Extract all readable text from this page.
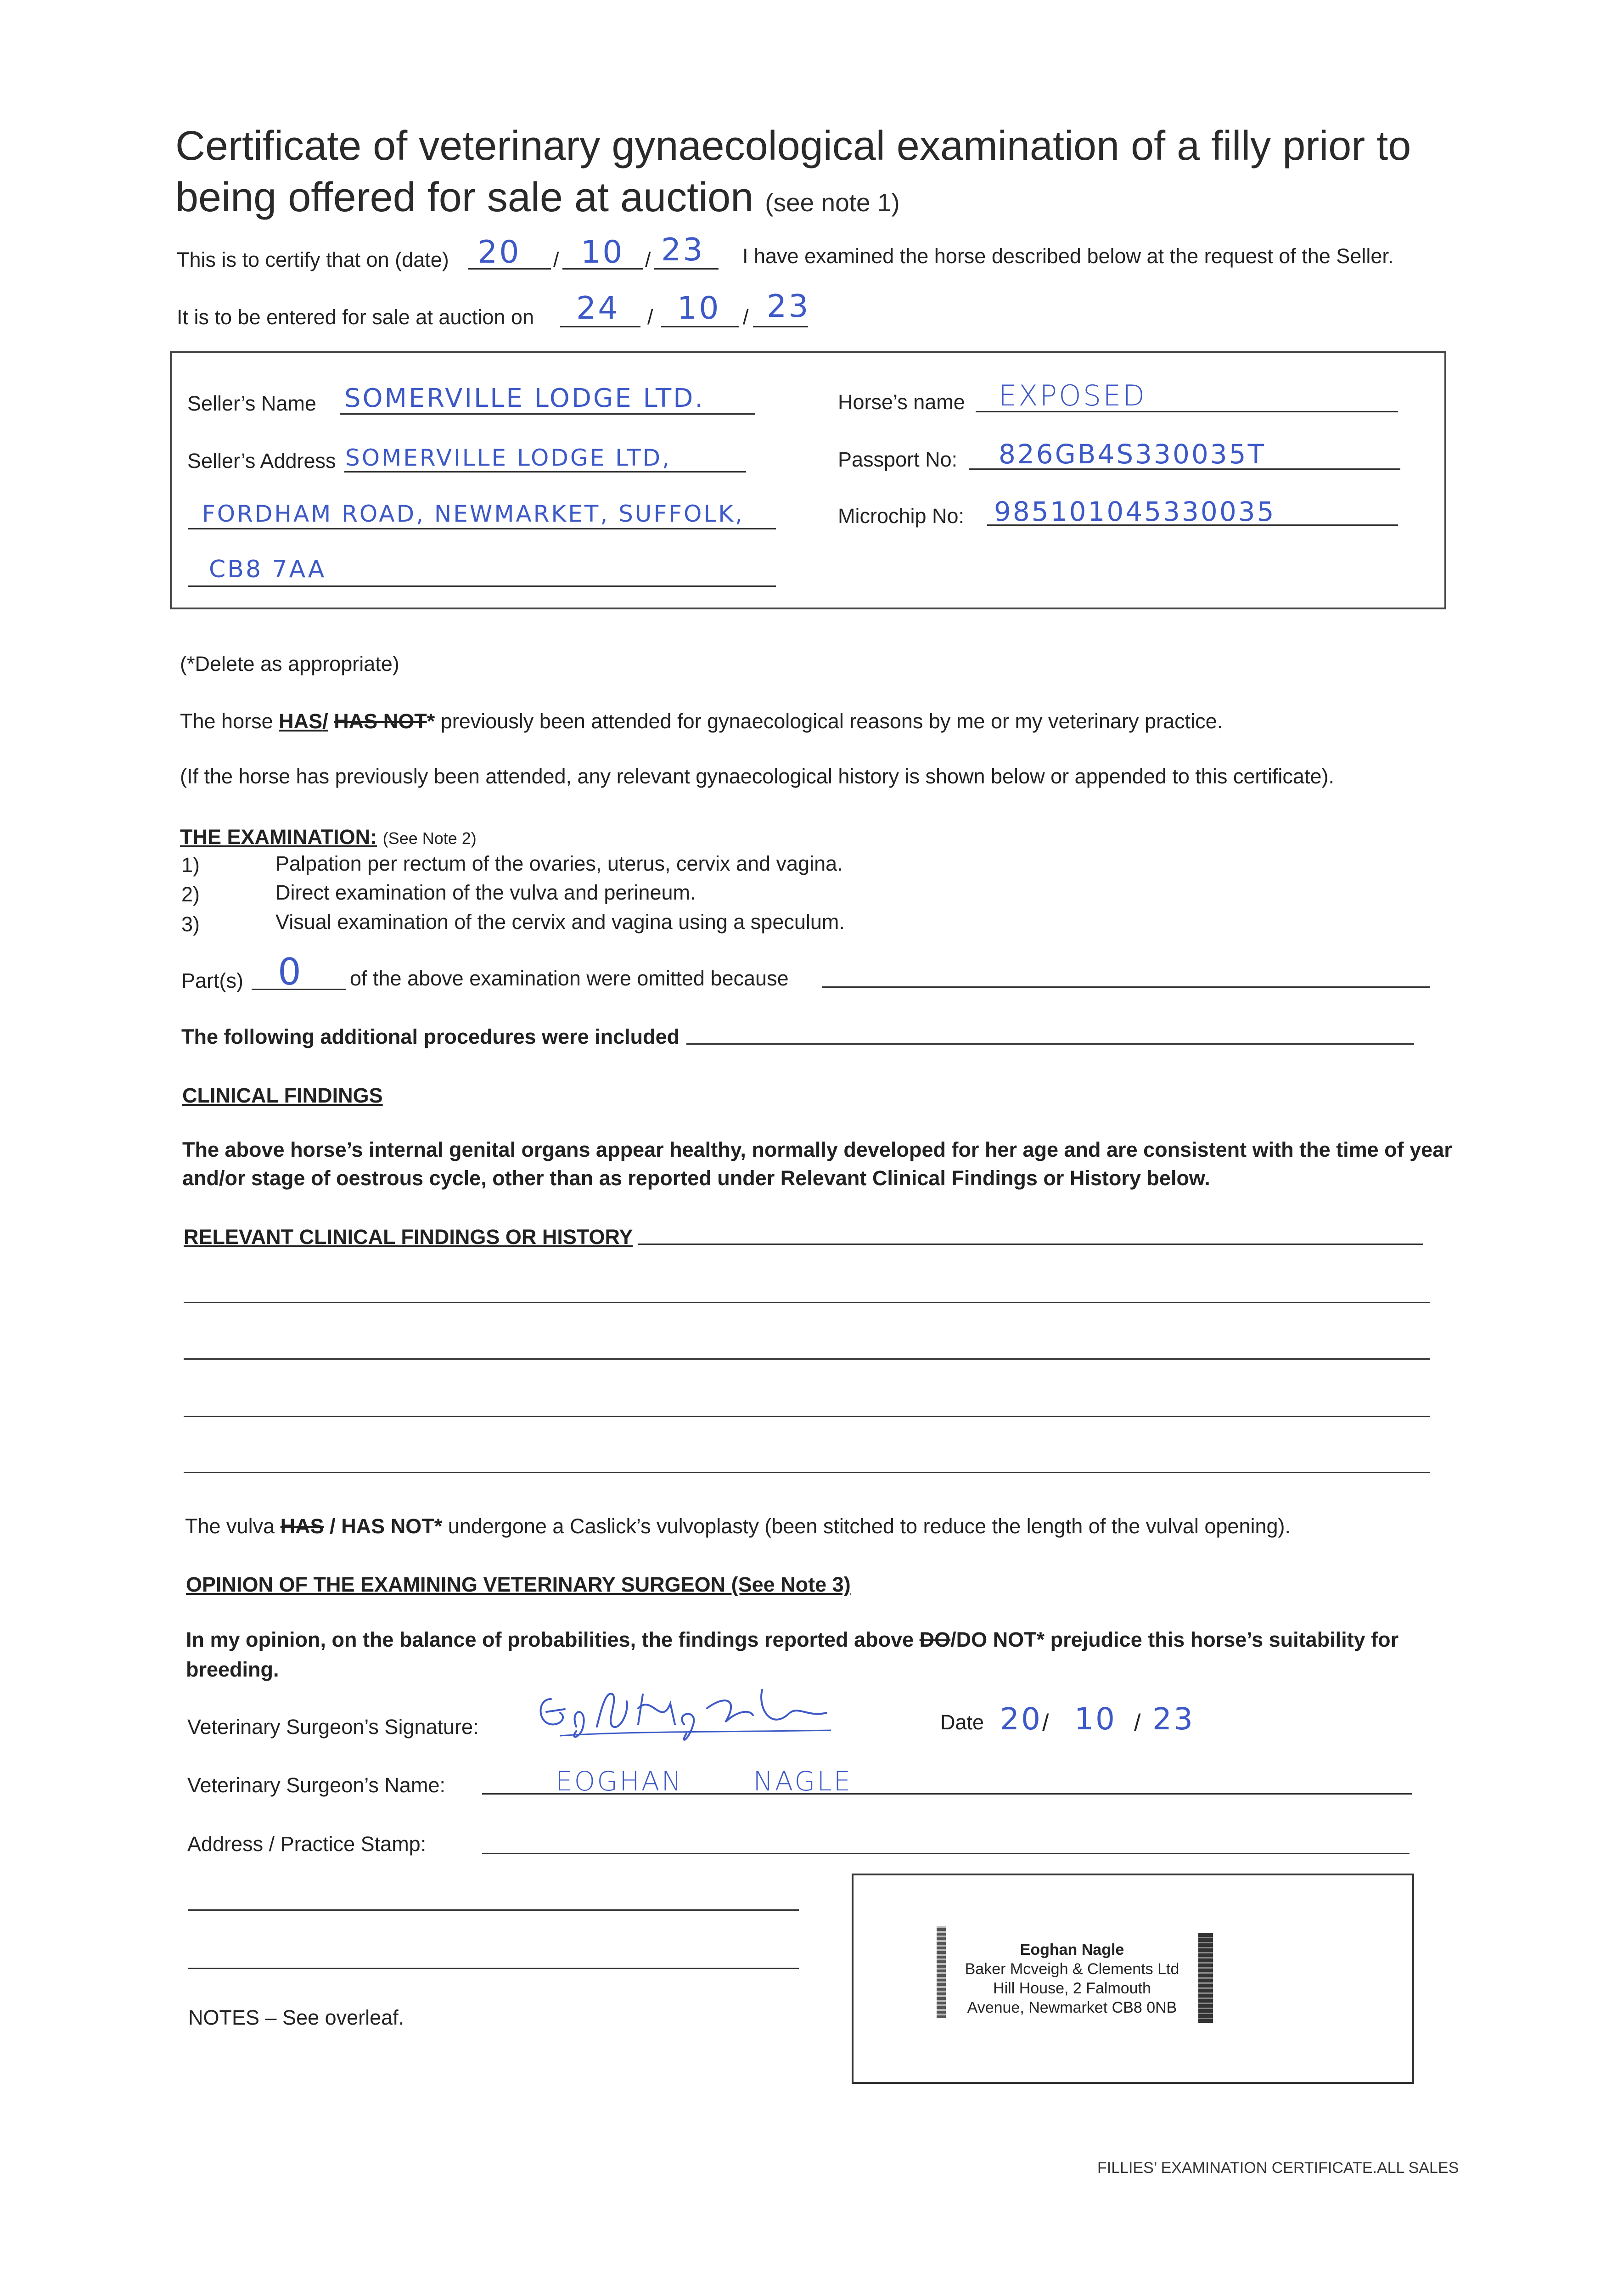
Certificate of veterinary gynaecological examination of a filly prior to
being offered for sale at auction (see note 1)
This is to certify that on (date) 20 / 10 / 23 I have examined the horse described below at the request of the Seller.
It is to be entered for sale at auction on 24 / 10 / 23
Seller’s Name SOMERVILLE LODGE LTD.
Seller’s Address SOMERVILLE LODGE LTD,
FORDHAM ROAD, NEWMARKET, SUFFOLK,
CB8 7AA
Horse’s name EXPOSED
Passport No: 826GB4S330035T
Microchip No: 985101045330035
(*Delete as appropriate)
The horse HAS/ HAS NOT* previously been attended for gynaecological reasons by me or my veterinary practice.
(If the horse has previously been attended, any relevant gynaecological history is shown below or appended to this certificate).
THE EXAMINATION: (See Note 2)
1)	Palpation per rectum of the ovaries, uterus, cervix and vagina.
2)	Direct examination of the vulva and perineum.
3)	Visual examination of the cervix and vagina using a speculum.
Part(s) 0 of the above examination were omitted because
The following additional procedures were included
CLINICAL FINDINGS
The above horse’s internal genital organs appear healthy, normally developed for her age and are consistent with the time of year
and/or stage of oestrous cycle, other than as reported under Relevant Clinical Findings or History below.
RELEVANT CLINICAL FINDINGS OR HISTORY
The vulva HAS / HAS NOT* undergone a Caslick’s vulvoplasty (been stitched to reduce the length of the vulval opening).
OPINION OF THE EXAMINING VETERINARY SURGEON (See Note 3)
In my opinion, on the balance of probabilities, the findings reported above DO/DO NOT* prejudice this horse’s suitability for
breeding.
Veterinary Surgeon’s Signature:	Date 20 / 10 / 23
Veterinary Surgeon’s Name:	EOGHAN NAGLE
Address / Practice Stamp:
Eoghan Nagle
Baker Mcveigh & Clements Ltd
Hill House, 2 Falmouth
Avenue, Newmarket CB8 0NB
NOTES – See overleaf.
FILLIES’ EXAMINATION CERTIFICATE.ALL SALES
